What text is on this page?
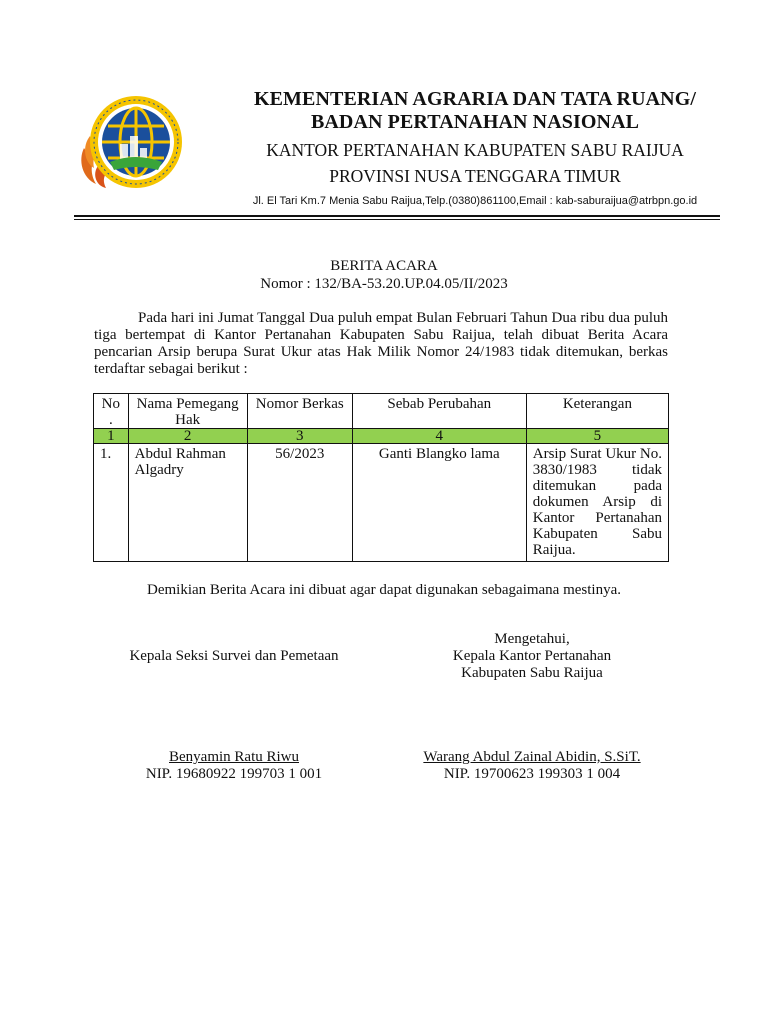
KEMENTERIAN AGRARIA DAN TATA RUANG/
BADAN PERTANAHAN NASIONAL
KANTOR PERTANAHAN KABUPATEN SABU RAIJUA
PROVINSI NUSA TENGGARA TIMUR
Jl. El Tari Km.7 Menia Sabu Raijua,Telp.(0380)861100,Email : kab-saburaijua@atrbpn.go.id
BERITA ACARA
Nomor : 132/BA-53.20.UP.04.05/II/2023

Pada hari ini Jumat Tanggal Dua puluh empat Bulan Februari Tahun Dua ribu dua puluh tiga bertempat di Kantor Pertanahan Kabupaten Sabu Raijua, telah dibuat Berita Acara pencarian Arsip berupa Surat Ukur atas Hak Milik Nomor 24/1983 tidak ditemukan, berkas terdaftar sebagai berikut :

No .	Nama Pemegang Hak	Nomor Berkas	Sebab Perubahan	Keterangan
1	2	3	4	5
1.	Abdul Rahman Algadry	56/2023	Ganti Blangko lama	Arsip Surat Ukur No. 3830/1983 tidak ditemukan pada dokumen Arsip di Kantor Pertanahan Kabupaten Sabu Raijua.
Demikian Berita Acara ini dibuat agar dapat digunakan sebagaimana mestinya.
Kepala Seksi Survei dan Pemetaan
Mengetahui,
Kepala Kantor Pertanahan
Kabupaten Sabu Raijua
Benyamin Ratu Riwu
NIP. 19680922 199703 1 001
Warang Abdul Zainal Abidin, S.SiT.
NIP. 19700623 199303 1 004
